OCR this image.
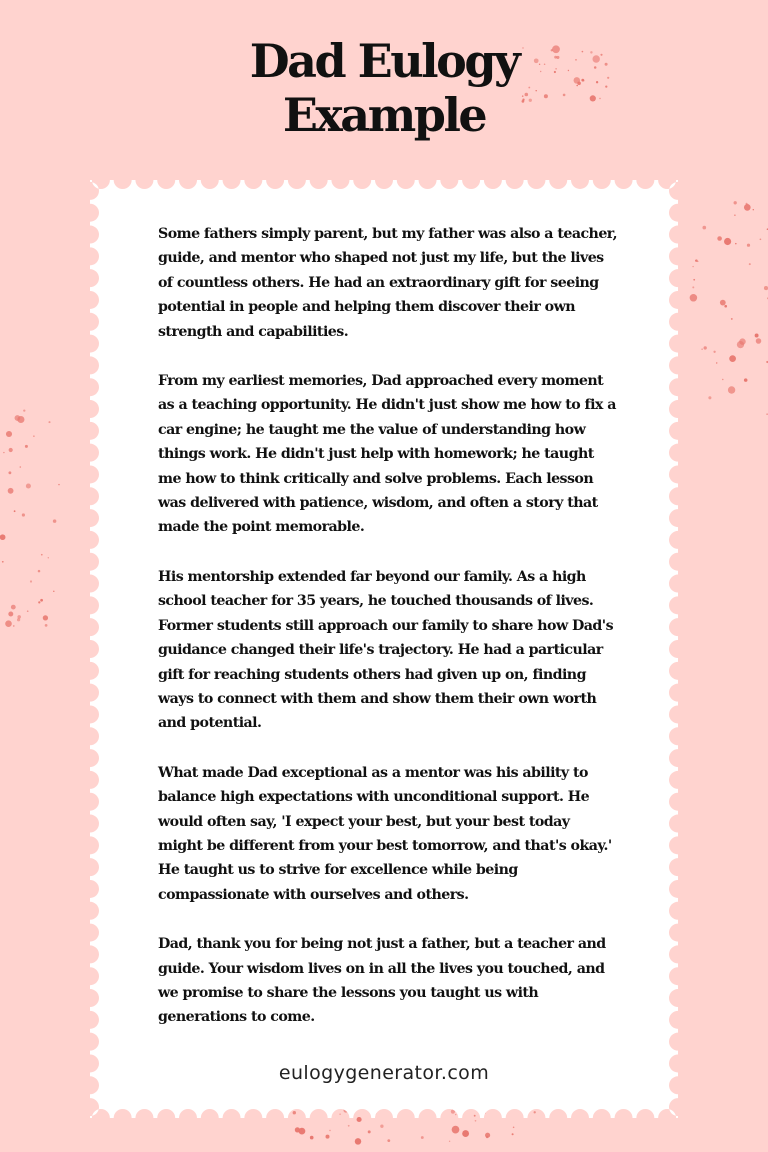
Dad Eulogy
Example

Some fathers simply parent, but my father was also a teacher, guide, and mentor who shaped not just my life, but the lives of countless others. He had an extraordinary gift for seeing potential in people and helping them discover their own strength and capabilities.

From my earliest memories, Dad approached every moment as a teaching opportunity. He didn't just show me how to fix a car engine; he taught me the value of understanding how things work. He didn't just help with homework; he taught me how to think critically and solve problems. Each lesson was delivered with patience, wisdom, and often a story that made the point memorable.

His mentorship extended far beyond our family. As a high school teacher for 35 years, he touched thousands of lives. Former students still approach our family to share how Dad's guidance changed their life's trajectory. He had a particular gift for reaching students others had given up on, finding ways to connect with them and show them their own worth and potential.

What made Dad exceptional as a mentor was his ability to balance high expectations with unconditional support. He would often say, 'I expect your best, but your best today might be different from your best tomorrow, and that's okay.' He taught us to strive for excellence while being compassionate with ourselves and others.

Dad, thank you for being not just a father, but a teacher and guide. Your wisdom lives on in all the lives you touched, and we promise to share the lessons you taught us with generations to come.

eulogygenerator.com
